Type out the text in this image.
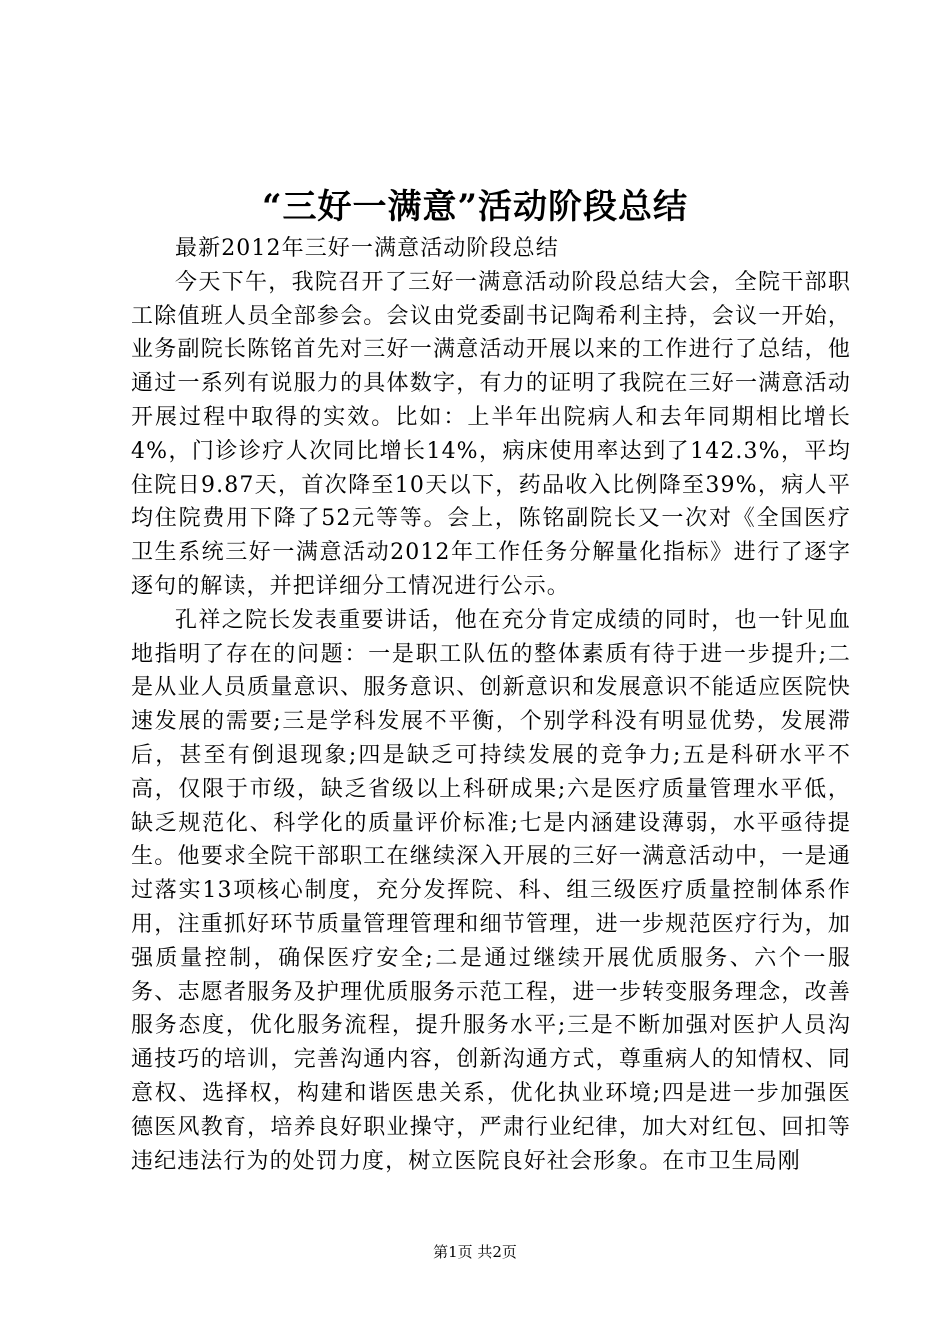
“三好一满意”活动阶段总结

最新2012年三好一满意活动阶段总结

今天下午，我院召开了三好一满意活动阶段总结大会，全院干部职工除值班人员全部参会。会议由党委副书记陶希利主持，会议一开始，业务副院长陈铭首先对三好一满意活动开展以来的工作进行了总结，他通过一系列有说服力的具体数字，有力的证明了我院在三好一满意活动开展过程中取得的实效。比如：上半年出院病人和去年同期相比增长4%，门诊诊疗人次同比增长14%，病床使用率达到了142.3%，平均住院日9.87天，首次降至10天以下，药品收入比例降至39%，病人平均住院费用下降了52元等等。会上，陈铭副院长又一次对《全国医疗卫生系统三好一满意活动2012年工作任务分解量化指标》进行了逐字逐句的解读，并把详细分工情况进行公示。

孔祥之院长发表重要讲话，他在充分肯定成绩的同时，也一针见血地指明了存在的问题：一是职工队伍的整体素质有待于进一步提升;二是从业人员质量意识、服务意识、创新意识和发展意识不能适应医院快速发展的需要;三是学科发展不平衡，个别学科没有明显优势，发展滞后，甚至有倒退现象;四是缺乏可持续发展的竞争力;五是科研水平不高，仅限于市级，缺乏省级以上科研成果;六是医疗质量管理水平低，缺乏规范化、科学化的质量评价标准;七是内涵建设薄弱，水平亟待提生。他要求全院干部职工在继续深入开展的三好一满意活动中，一是通过落实13项核心制度，充分发挥院、科、组三级医疗质量控制体系作用，注重抓好环节质量管理管理和细节管理，进一步规范医疗行为，加强质量控制，确保医疗安全;二是通过继续开展优质服务、六个一服务、志愿者服务及护理优质服务示范工程，进一步转变服务理念，改善服务态度，优化服务流程，提升服务水平;三是不断加强对医护人员沟通技巧的培训，完善沟通内容，创新沟通方式，尊重病人的知情权、同意权、选择权，构建和谐医患关系，优化执业环境;四是进一步加强医德医风教育，培养良好职业操守，严肃行业纪律，加大对红包、回扣等违纪违法行为的处罚力度，树立医院良好社会形象。在市卫生局刚

第1页 共2页
